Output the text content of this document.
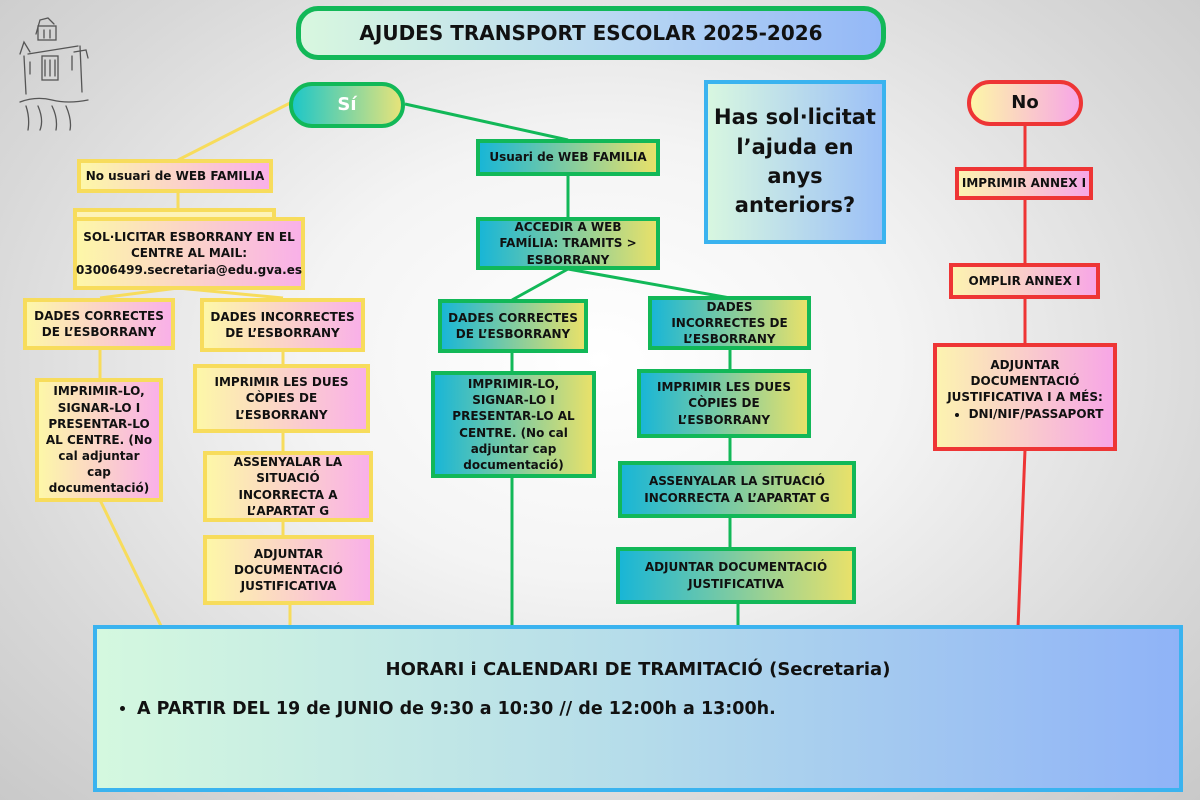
AJUDES TRANSPORT ESCOLAR 2025-2026
Sí	No
Has sol·licitat l’ajuda en anys anteriors?
No usuari de WEB FAMILIA
SOL·LICITAR ESBORRANY EN EL CENTRE AL MAIL: 03006499.secretaria@edu.gva.es
DADES CORRECTES DE L’ESBORRANY
IMPRIMIR-LO, SIGNAR-LO I PRESENTAR-LO AL CENTRE. (No cal adjuntar cap documentació)
DADES INCORRECTES DE L’ESBORRANY
IMPRIMIR LES DUES CÒPIES DE L’ESBORRANY
ASSENYALAR LA SITUACIÓ INCORRECTA A L’APARTAT G
ADJUNTAR DOCUMENTACIÓ JUSTIFICATIVA
Usuari de WEB FAMILIA
ACCEDIR A WEB FAMÍLIA: TRAMITS > ESBORRANY
DADES CORRECTES DE L’ESBORRANY
IMPRIMIR-LO, SIGNAR-LO I PRESENTAR-LO AL CENTRE. (No cal adjuntar cap documentació)
DADES INCORRECTES DE L’ESBORRANY
IMPRIMIR LES DUES CÒPIES DE L’ESBORRANY
ASSENYALAR LA SITUACIÓ INCORRECTA A L’APARTAT G
ADJUNTAR DOCUMENTACIÓ JUSTIFICATIVA
IMPRIMIR ANNEX I
OMPLIR ANNEX I
ADJUNTAR DOCUMENTACIÓ JUSTIFICATIVA I A MÉS:
• DNI/NIF/PASSAPORT
HORARI i CALENDARI DE TRAMITACIÓ (Secretaria)
• A PARTIR DEL 19 de JUNIO de 9:30 a 10:30 // de 12:00h a 13:00h.
